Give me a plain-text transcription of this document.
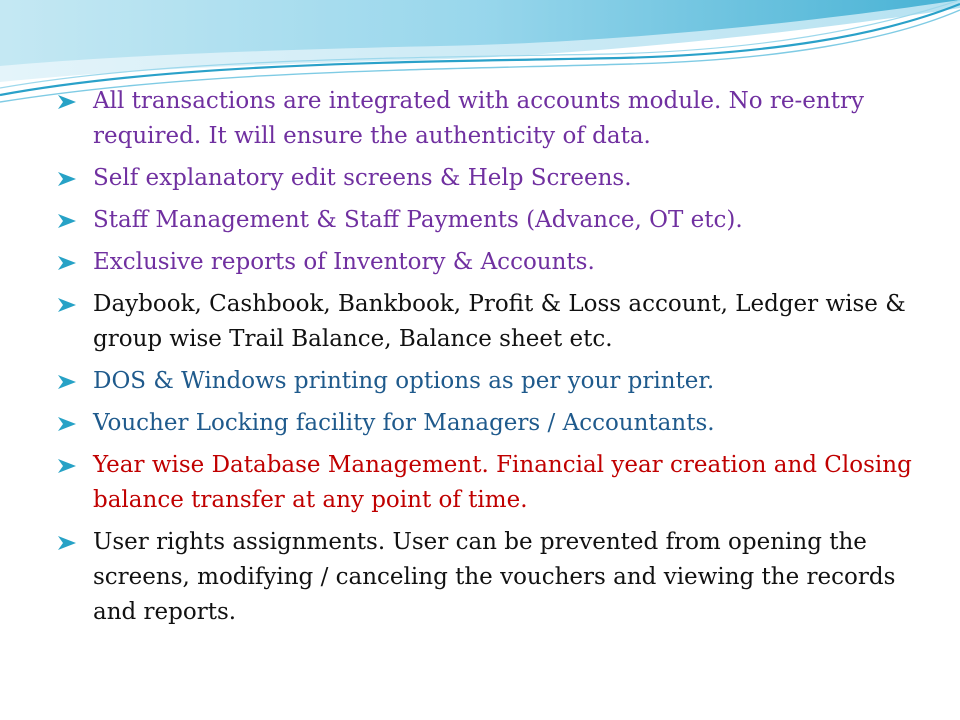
All transactions are integrated with accounts module. No re-entry required. It will ensure the authenticity of data.
Self explanatory edit screens & Help Screens.
Staff Management & Staff Payments (Advance, OT etc).
Exclusive reports of Inventory & Accounts.
Daybook, Cashbook, Bankbook, Profit & Loss account, Ledger wise & group wise Trail Balance, Balance sheet etc.
DOS & Windows printing options as per your printer.
Voucher Locking facility for Managers / Accountants.
Year wise Database Management. Financial year creation and Closing balance transfer at any point of time.
User rights assignments. User can be prevented from opening the screens, modifying / canceling the vouchers and viewing the records and reports.
